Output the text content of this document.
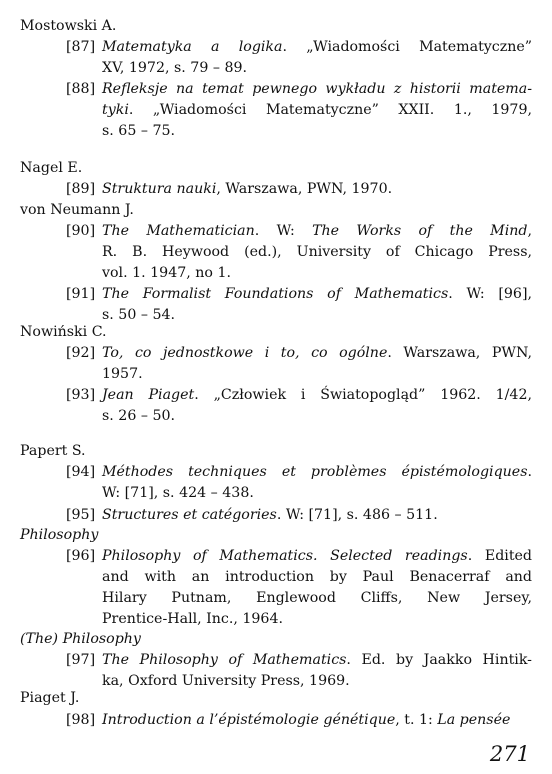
Mostowski A.
[87] Matematyka a logika. „Wiadomości Matematyczne”
XV, 1972, s. 79 – 89.
[88] Refleksje na temat pewnego wykładu z historii matema-
tyki. „Wiadomości Matematyczne” XXII. 1., 1979,
s. 65 – 75.
Nagel E.
[89] Struktura nauki, Warszawa, PWN, 1970.
von Neumann J.
[90] The Mathematician. W: The Works of the Mind,
R. B. Heywood (ed.), University of Chicago Press,
vol. 1. 1947, no 1.
[91] The Formalist Foundations of Mathematics. W: [96],
s. 50 – 54.
Nowiński C.
[92] To, co jednostkowe i to, co ogólne. Warszawa, PWN,
1957.
[93] Jean Piaget. „Człowiek i Światopogląd” 1962. 1/42,
s. 26 – 50.
Papert S.
[94] Méthodes techniques et problèmes épistémologiques.
W: [71], s. 424 – 438.
[95] Structures et catégories. W: [71], s. 486 – 511.
Philosophy
[96] Philosophy of Mathematics. Selected readings. Edited
and with an introduction by Paul Benacerraf and
Hilary Putnam, Englewood Cliffs, New Jersey,
Prentice-Hall, Inc., 1964.
(The) Philosophy
[97] The Philosophy of Mathematics. Ed. by Jaakko Hintik-
ka, Oxford University Press, 1969.
Piaget J.
[98] Introduction a l’épistémologie génétique, t. 1: La pensée
271
